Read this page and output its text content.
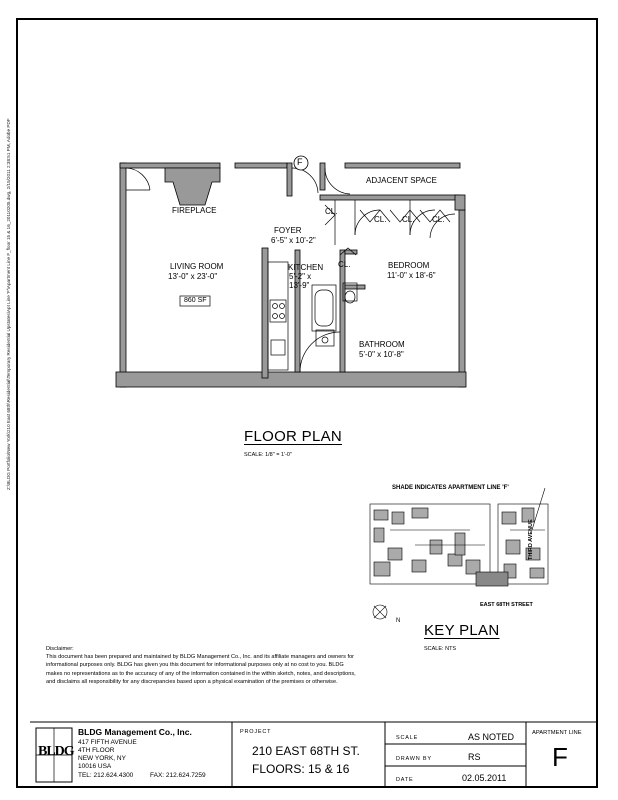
Z:\BLDG Portfolio\New York\210 East 68th\Residential\Temporary Residential Upstates\Apt Line 'F'\Apartment Line F_floor 15 & 16_20110205.dwg, 2/15/2011 2:38:51 PM, Adobe PDF	F
ADJACENT SPACE
CL.
CL. CL. CL.
CL.
FIREPLACE
FOYER
6'-5" x 10'-2"
LIVING ROOM
13'-0" x 23'-0"
860 SF
KITCHEN
5'-2" x
13'-9"
BEDROOM
11'-0" x 18'-6"
BATHROOM
5'-0" x 10'-8"
FLOOR PLAN
SCALE: 1/8" = 1'-0"
SHADE INDICATES APARTMENT LINE 'F'
EAST 68TH STREET
THIRD AVENUE
N
KEY PLAN
SCALE: NTS
Disclaimer:
This document has been prepared and maintained by BLDG Management Co., Inc. and its affiliate managers and owners for informational purposes only. BLDG has given you this document for informational purposes only at no cost to you. BLDG makes no representations as to the accuracy of any of the information contained in the within sketch, notes, and descriptions, and disclaims all responsibility for any discrepancies based upon a physical examination of the premises or otherwise.
BLDG
BLDG Management Co., Inc.
417 FIFTH AVENUE
4TH FLOOR
NEW YORK, NY
10016 USA
TEL: 212.624.4300	FAX: 212.624.7259
PROJECT
210 EAST 68TH ST.
FLOORS: 15 & 16
SCALE	AS NOTED
DRAWN BY	RS
DATE	02.05.2011
APARTMENT LINE
F
